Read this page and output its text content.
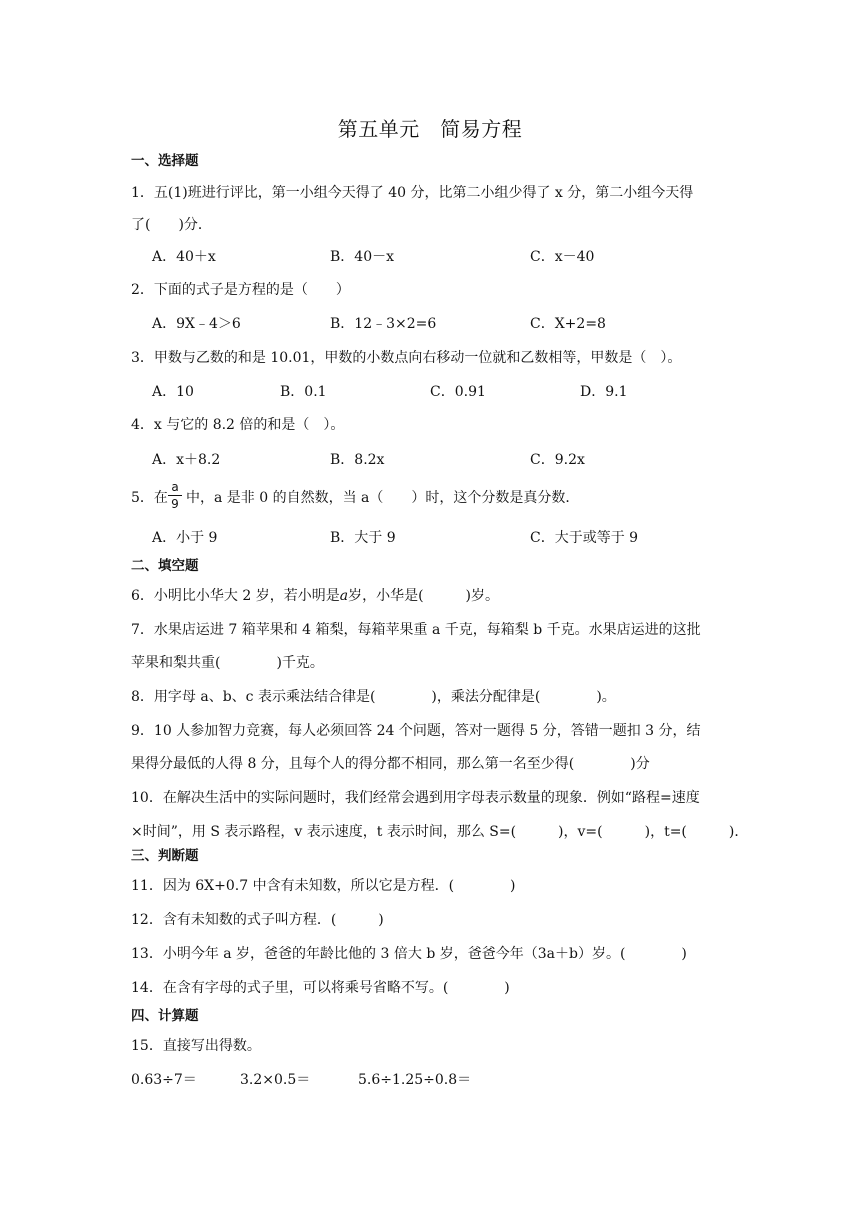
第五单元　简易方程
一、选择题
1．五(1)班进行评比，第一小组今天得了 40 分，比第二小组少得了 x 分，第二小组今天得
了(　　)分．
A．40＋x	B．40－x	C．x－40
2．下面的式子是方程的是（　　）
A．9X﹣4＞6	B．12﹣3×2=6	C．X+2=8
3．甲数与乙数的和是 10.01，甲数的小数点向右移动一位就和乙数相等，甲数是（　）。
A．10	B．0.1	C．0.91	D．9.1
4．x 与它的 8.2 倍的和是（　）。
A．x＋8.2	B．8.2x	C．9.2x
5．在 $\frac{a}{9}$ 中，a 是非 0 的自然数，当 a（　　）时，这个分数是真分数．
A．小于 9	B．大于 9	C．大于或等于 9
二、填空题
6．小明比小华大 2 岁，若小明是a岁，小华是(　　　)岁。
7．水果店运进 7 箱苹果和 4 箱梨，每箱苹果重 a 千克，每箱梨 b 千克。水果店运进的这批
苹果和梨共重(　　　　)千克。
8．用字母 a、b、c 表示乘法结合律是(　　　　)，乘法分配律是(　　　　)。
9．10 人参加智力竞赛，每人必须回答 24 个问题，答对一题得 5 分，答错一题扣 3 分，结
果得分最低的人得 8 分，且每个人的得分都不相同，那么第一名至少得(　　　　)分
10．在解决生活中的实际问题时，我们经常会遇到用字母表示数量的现象．例如“路程=速度
×时间”，用 S 表示路程，v 表示速度，t 表示时间，那么 S=(　　　)，v=(　　　)，t=(　　　)．
三、判断题
11．因为 6X+0.7 中含有未知数，所以它是方程．(　　　　)
12．含有未知数的式子叫方程．(　　　)
13．小明今年 a 岁，爸爸的年龄比他的 3 倍大 b 岁，爸爸今年（3a＋b）岁。(　　　　)
14．在含有字母的式子里，可以将乘号省略不写。(　　　　)
四、计算题
15．直接写出得数。
0.63÷7＝	3.2×0.5＝	5.6÷1.25÷0.8＝
